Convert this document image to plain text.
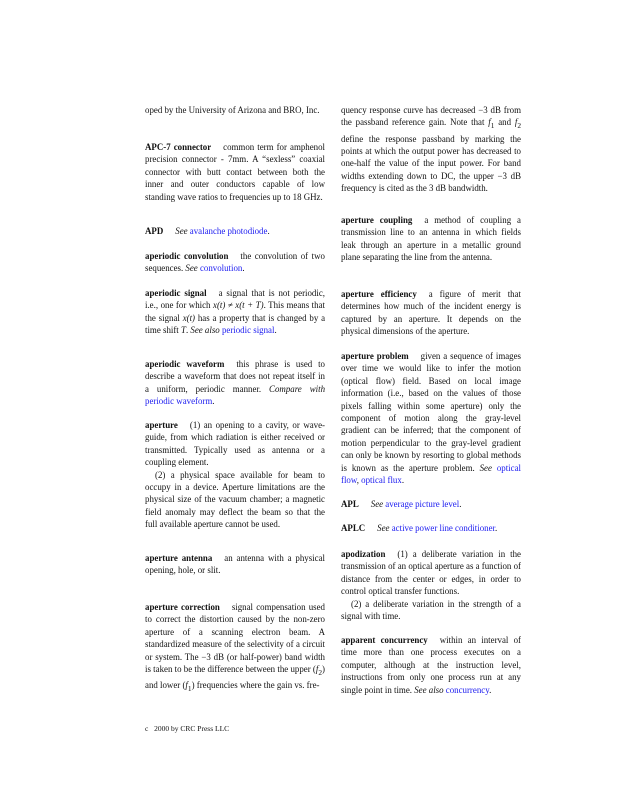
oped by the University of Arizona and BRO, Inc.

APC-7 connector common term for amphenol precision connector - 7mm. A “sexless” coaxial connector with butt contact between both the inner and outer conductors capable of low standing wave ratios to frequencies up to 18 GHz.

APD See avalanche photodiode.

aperiodic convolution the convolution of two sequences. See convolution.

aperiodic signal a signal that is not periodic, i.e., one for which x(t) ≠ x(t + T). This means that the signal x(t) has a property that is changed by a time shift T. See also periodic signal.

aperiodic waveform this phrase is used to describe a waveform that does not repeat itself in a uniform, periodic manner. Compare with periodic waveform.

aperture (1) an opening to a cavity, or wave-guide, from which radiation is either received or transmitted. Typically used as antenna or a coupling element.

(2) a physical space available for beam to occupy in a device. Aperture limitations are the physical size of the vacuum chamber; a magnetic field anomaly may deflect the beam so that the full available aperture cannot be used.

aperture antenna an antenna with a physical opening, hole, or slit.

aperture correction signal compensation used to correct the distortion caused by the non-zero aperture of a scanning electron beam. A standardized measure of the selectivity of a circuit or system. The −3 dB (or half-power) band width is taken to be the difference between the upper $(f_2)$ and lower $(f_1)$ frequencies where the gain vs. fre-

quency response curve has decreased −3 dB from the passband reference gain. Note that $f_1$ and $f_2$ define the response passband by marking the points at which the output power has decreased to one-half the value of the input power. For band widths extending down to DC, the upper −3 dB frequency is cited as the 3 dB bandwidth.

aperture coupling a method of coupling a transmission line to an antenna in which fields leak through an aperture in a metallic ground plane separating the line from the antenna.

aperture efficiency a figure of merit that determines how much of the incident energy is captured by an aperture. It depends on the physical dimensions of the aperture.

aperture problem given a sequence of images over time we would like to infer the motion (optical flow) field. Based on local image information (i.e., based on the values of those pixels falling within some aperture) only the component of motion along the gray-level gradient can be inferred; that the component of motion perpendicular to the gray-level gradient can only be known by resorting to global methods is known as the aperture problem. See optical flow, optical flux.

APL See average picture level.

APLC See active power line conditioner.

apodization (1) a deliberate variation in the transmission of an optical aperture as a function of distance from the center or edges, in order to control optical transfer functions.

(2) a deliberate variation in the strength of a signal with time.

apparent concurrency within an interval of time more than one process executes on a computer, although at the instruction level, instructions from only one process run at any single point in time. See also concurrency.

c⃝2000 by CRC Press LLC
